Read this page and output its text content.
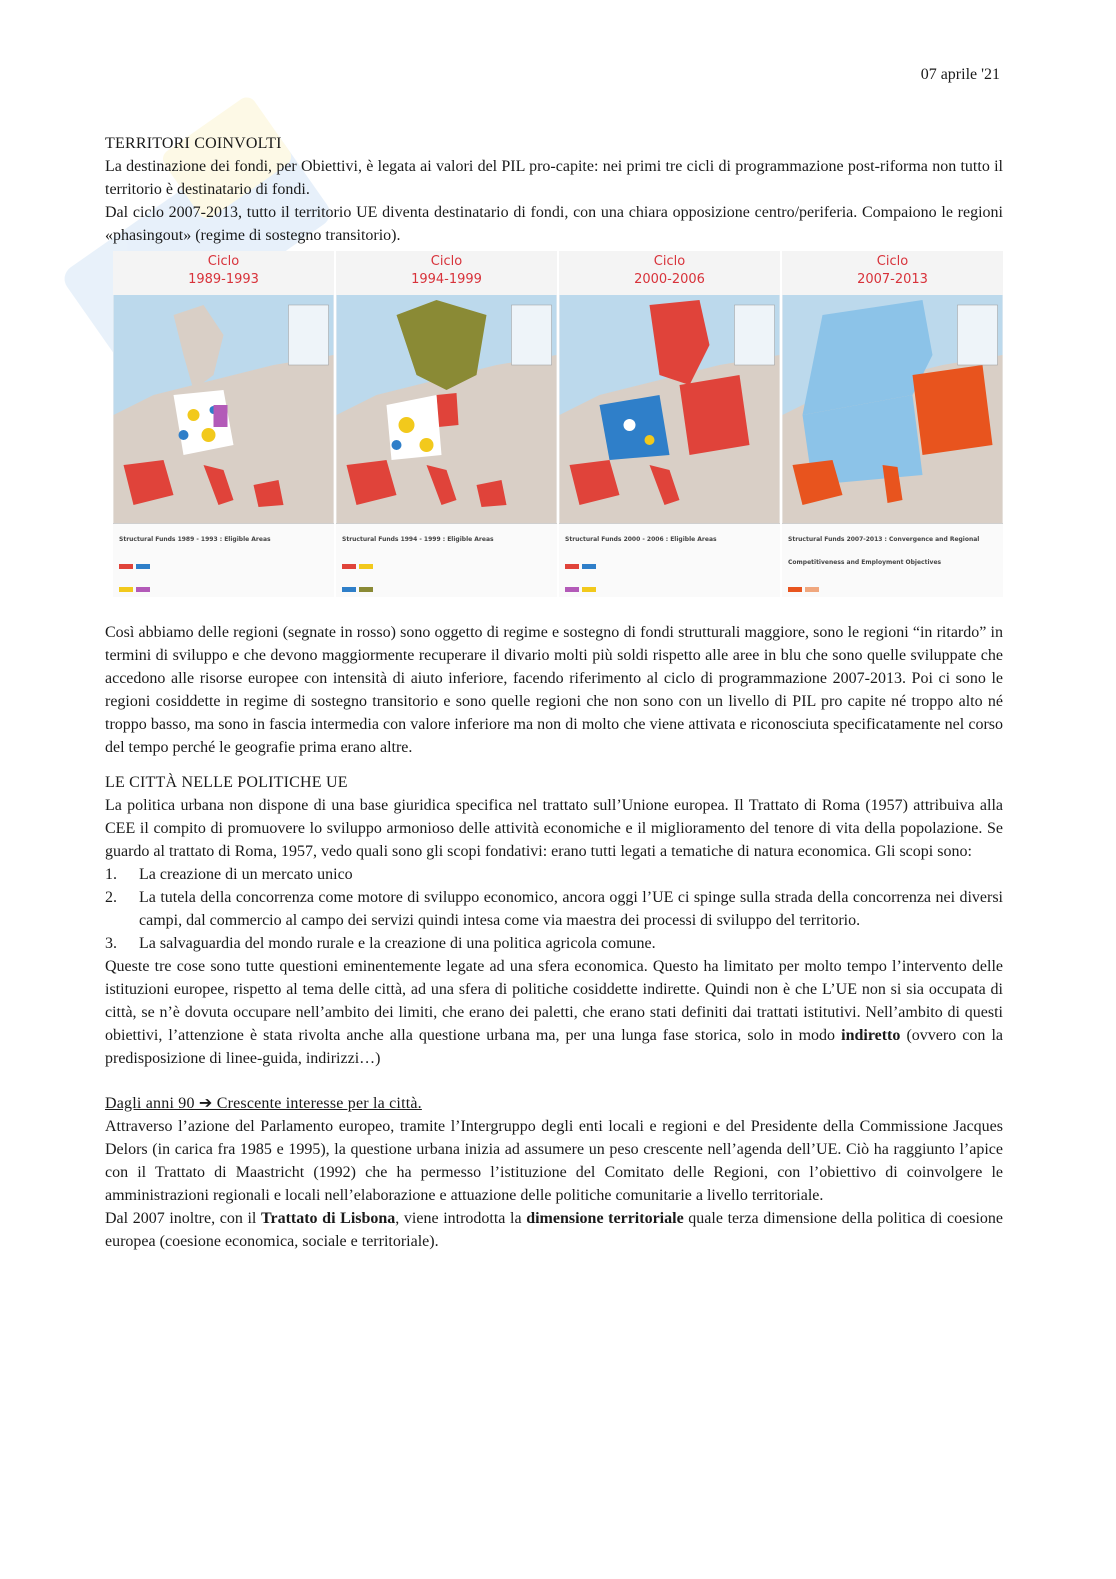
07 aprile '21
TERRITORI COINVOLTI

La destinazione dei fondi, per Obiettivi, è legata ai valori del PIL pro-capite: nei primi tre cicli di programmazione post-riforma non tutto il territorio è destinatario di fondi.

Dal ciclo 2007-2013, tutto il territorio UE diventa destinatario di fondi, con una chiara opposizione centro/periferia. Compaiono le regioni «phasingout» (regime di sostegno transitorio).

Ciclo
1989-1993
Structural Funds 1989 - 1993 : Eligible Areas

Ciclo
1994-1999
Structural Funds 1994 - 1999 : Eligible Areas

Ciclo
2000-2006
Structural Funds 2000 - 2006 : Eligible Areas

Ciclo
2007-2013
Structural Funds 2007-2013 : Convergence and Regional Competitiveness and Employment Objectives

Così abbiamo delle regioni (segnate in rosso) sono oggetto di regime e sostegno di fondi strutturali maggiore, sono le regioni “in ritardo” in termini di sviluppo e che devono maggiormente recuperare il divario molti più soldi rispetto alle aree in blu che sono quelle sviluppate che accedono alle risorse europee con intensità di aiuto inferiore, facendo riferimento al ciclo di programmazione 2007-2013. Poi ci sono le regioni cosiddette in regime di sostegno transitorio e sono quelle regioni che non sono con un livello di PIL pro capite né troppo alto né troppo basso, ma sono in fascia intermedia con valore inferiore ma non di molto che viene attivata e riconosciuta specificatamente nel corso del tempo perché le geografie prima erano altre.

LE CITTÀ NELLE POLITICHE UE

La politica urbana non dispone di una base giuridica specifica nel trattato sull’Unione europea. Il Trattato di Roma (1957) attribuiva alla CEE il compito di promuovere lo sviluppo armonioso delle attività economiche e il miglioramento del tenore di vita della popolazione. Se guardo al trattato di Roma, 1957, vedo quali sono gli scopi fondativi: erano tutti legati a tematiche di natura economica. Gli scopi sono:

1.	La creazione di un mercato unico
2.	La tutela della concorrenza come motore di sviluppo economico, ancora oggi l’UE ci spinge sulla strada della concorrenza nei diversi campi, dal commercio al campo dei servizi quindi intesa come via maestra dei processi di sviluppo del territorio.
3.	La salvaguardia del mondo rurale e la creazione di una politica agricola comune.

Queste tre cose sono tutte questioni eminentemente legate ad una sfera economica. Questo ha limitato per molto tempo l’intervento delle istituzioni europee, rispetto al tema delle città, ad una sfera di politiche cosiddette indirette. Quindi non è che L’UE non si sia occupata di città, se n’è dovuta occupare nell’ambito dei limiti, che erano dei paletti, che erano stati definiti dai trattati istitutivi. Nell’ambito di questi obiettivi, l’attenzione è stata rivolta anche alla questione urbana ma, per una lunga fase storica, solo in modo indiretto (ovvero con la predisposizione di linee-guida, indirizzi…)

Dagli anni 90 ➔ Crescente interesse per la città.

Attraverso l’azione del Parlamento europeo, tramite l’Intergruppo degli enti locali e regioni e del Presidente della Commissione Jacques Delors (in carica fra 1985 e 1995), la questione urbana inizia ad assumere un peso crescente nell’agenda dell’UE. Ciò ha raggiunto l’apice con il Trattato di Maastricht (1992) che ha permesso l’istituzione del Comitato delle Regioni, con l’obiettivo di coinvolgere le amministrazioni regionali e locali nell’elaborazione e attuazione delle politiche comunitarie a livello territoriale.

Dal 2007 inoltre, con il Trattato di Lisbona, viene introdotta la dimensione territoriale quale terza dimensione della politica di coesione europea (coesione economica, sociale e territoriale).
